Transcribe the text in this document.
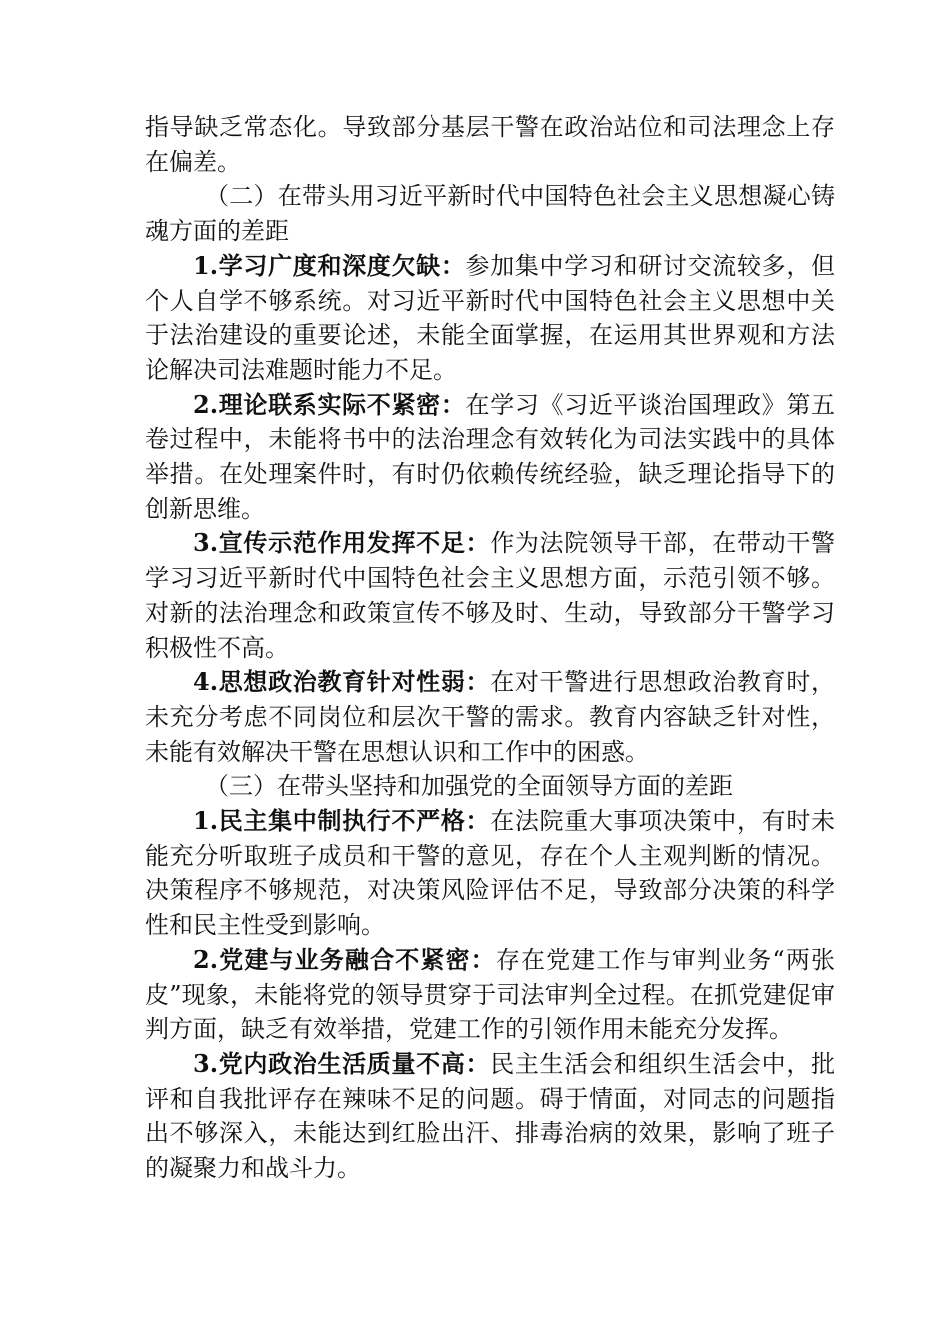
指导缺乏常态化。导致部分基层干警在政治站位和司法理念上存在偏差。

（二）在带头用习近平新时代中国特色社会主义思想凝心铸魂方面的差距

1.学习广度和深度欠缺：参加集中学习和研讨交流较多，但个人自学不够系统。对习近平新时代中国特色社会主义思想中关于法治建设的重要论述，未能全面掌握，在运用其世界观和方法论解决司法难题时能力不足。

2.理论联系实际不紧密：在学习《习近平谈治国理政》第五卷过程中，未能将书中的法治理念有效转化为司法实践中的具体举措。在处理案件时，有时仍依赖传统经验，缺乏理论指导下的创新思维。

3.宣传示范作用发挥不足：作为法院领导干部，在带动干警学习习近平新时代中国特色社会主义思想方面，示范引领不够。对新的法治理念和政策宣传不够及时、生动，导致部分干警学习积极性不高。

4.思想政治教育针对性弱：在对干警进行思想政治教育时，未充分考虑不同岗位和层次干警的需求。教育内容缺乏针对性，未能有效解决干警在思想认识和工作中的困惑。

（三）在带头坚持和加强党的全面领导方面的差距

1.民主集中制执行不严格：在法院重大事项决策中，有时未能充分听取班子成员和干警的意见，存在个人主观判断的情况。决策程序不够规范，对决策风险评估不足，导致部分决策的科学性和民主性受到影响。

2.党建与业务融合不紧密：存在党建工作与审判业务“两张皮”现象，未能将党的领导贯穿于司法审判全过程。在抓党建促审判方面，缺乏有效举措，党建工作的引领作用未能充分发挥。

3.党内政治生活质量不高：民主生活会和组织生活会中，批评和自我批评存在辣味不足的问题。碍于情面，对同志的问题指出不够深入，未能达到红脸出汗、排毒治病的效果，影响了班子的凝聚力和战斗力。
